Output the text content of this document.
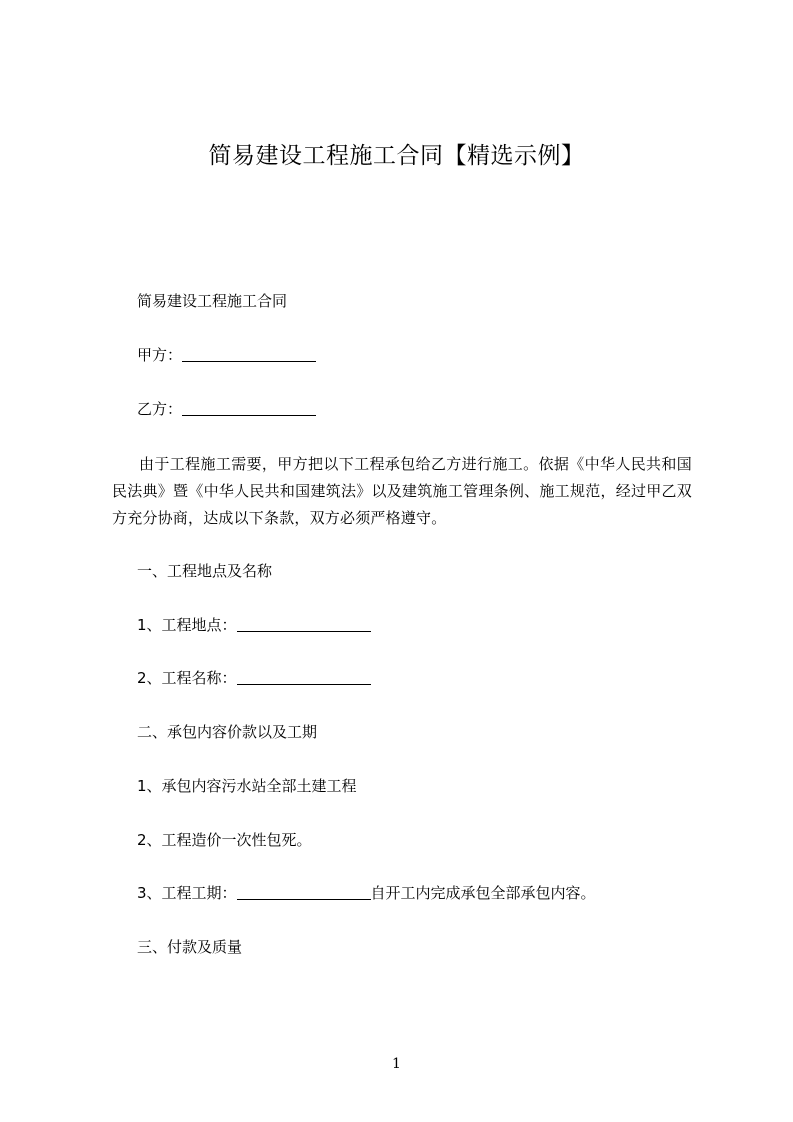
简易建设工程施工合同【精选示例】
简易建设工程施工合同
甲方：
乙方：
由于工程施工需要，甲方把以下工程承包给乙方进行施工。依据《中华人民共和国民法典》暨《中华人民共和国建筑法》以及建筑施工管理条例、施工规范，经过甲乙双方充分协商，达成以下条款，双方必须严格遵守。
一、工程地点及名称
1、工程地点：
2、工程名称：
二、承包内容价款以及工期
1、承包内容污水站全部土建工程
2、工程造价一次性包死。
3、工程工期：	自开工内完成承包全部承包内容。
三、付款及质量
1
